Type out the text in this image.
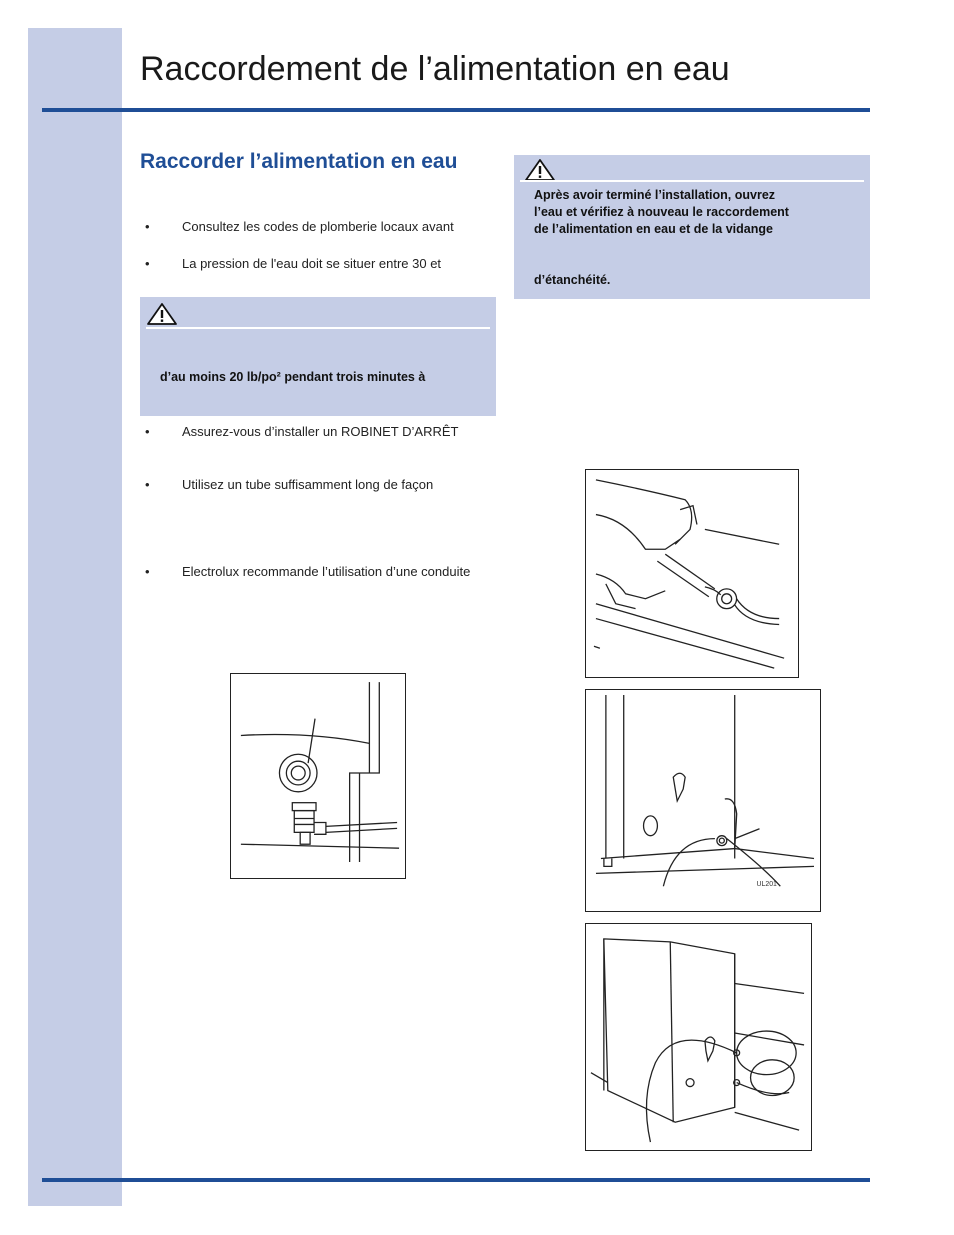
Raccordement de l’alimentation en eau
Raccorder l’alimentation en eau
• Consultez les codes de plomberie locaux avant
• La pression de l'eau doit se situer entre 30 et
d’au moins 20 lb/po² pendant trois minutes à
• Assurez-vous d’installer un ROBINET D’ARRÊT
• Utilisez un tube suffisamment long de façon
• Electrolux recommande l’utilisation d’une conduite
Après avoir terminé l’installation, ouvrez
l’eau et vérifiez à nouveau le raccordement
de l’alimentation en eau et de la vidange
d’étanchéité.
UL201
